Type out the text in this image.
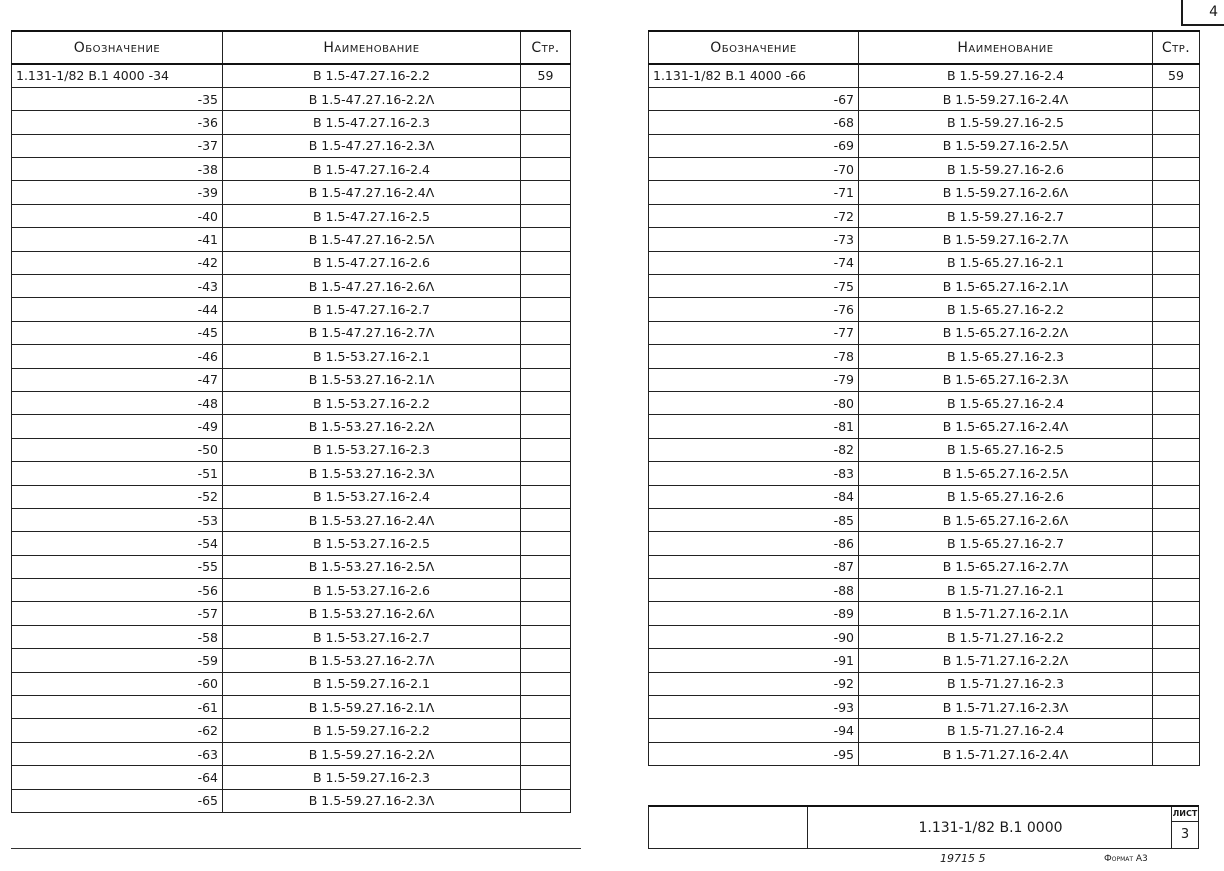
4
Обозначение	Наименование	Стр.
1.131-1/82 В.1 4000 -34	В 1.5-47.27.16-2.2	59
-35	В 1.5-47.27.16-2.2Λ	
-36	В 1.5-47.27.16-2.3	
-37	В 1.5-47.27.16-2.3Λ	
-38	В 1.5-47.27.16-2.4	
-39	В 1.5-47.27.16-2.4Λ	
-40	В 1.5-47.27.16-2.5	
-41	В 1.5-47.27.16-2.5Λ	
-42	В 1.5-47.27.16-2.6	
-43	В 1.5-47.27.16-2.6Λ	
-44	В 1.5-47.27.16-2.7	
-45	В 1.5-47.27.16-2.7Λ	
-46	В 1.5-53.27.16-2.1	
-47	В 1.5-53.27.16-2.1Λ	
-48	В 1.5-53.27.16-2.2	
-49	В 1.5-53.27.16-2.2Λ	
-50	В 1.5-53.27.16-2.3	
-51	В 1.5-53.27.16-2.3Λ	
-52	В 1.5-53.27.16-2.4	
-53	В 1.5-53.27.16-2.4Λ	
-54	В 1.5-53.27.16-2.5	
-55	В 1.5-53.27.16-2.5Λ	
-56	В 1.5-53.27.16-2.6	
-57	В 1.5-53.27.16-2.6Λ	
-58	В 1.5-53.27.16-2.7	
-59	В 1.5-53.27.16-2.7Λ	
-60	В 1.5-59.27.16-2.1	
-61	В 1.5-59.27.16-2.1Λ	
-62	В 1.5-59.27.16-2.2	
-63	В 1.5-59.27.16-2.2Λ	
-64	В 1.5-59.27.16-2.3	
-65	В 1.5-59.27.16-2.3Λ	
Обозначение	Наименование	Стр.
1.131-1/82 В.1 4000 -66	В 1.5-59.27.16-2.4	59
-67	В 1.5-59.27.16-2.4Λ	
-68	В 1.5-59.27.16-2.5	
-69	В 1.5-59.27.16-2.5Λ	
-70	В 1.5-59.27.16-2.6	
-71	В 1.5-59.27.16-2.6Λ	
-72	В 1.5-59.27.16-2.7	
-73	В 1.5-59.27.16-2.7Λ	
-74	В 1.5-65.27.16-2.1	
-75	В 1.5-65.27.16-2.1Λ	
-76	В 1.5-65.27.16-2.2	
-77	В 1.5-65.27.16-2.2Λ	
-78	В 1.5-65.27.16-2.3	
-79	В 1.5-65.27.16-2.3Λ	
-80	В 1.5-65.27.16-2.4	
-81	В 1.5-65.27.16-2.4Λ	
-82	В 1.5-65.27.16-2.5	
-83	В 1.5-65.27.16-2.5Λ	
-84	В 1.5-65.27.16-2.6	
-85	В 1.5-65.27.16-2.6Λ	
-86	В 1.5-65.27.16-2.7	
-87	В 1.5-65.27.16-2.7Λ	
-88	В 1.5-71.27.16-2.1	
-89	В 1.5-71.27.16-2.1Λ	
-90	В 1.5-71.27.16-2.2	
-91	В 1.5-71.27.16-2.2Λ	
-92	В 1.5-71.27.16-2.3	
-93	В 1.5-71.27.16-2.3Λ	
-94	В 1.5-71.27.16-2.4	
-95	В 1.5-71.27.16-2.4Λ	
1.131-1/82 В.1 0000
ЛИСТ
3
19715 5	Формат А3
